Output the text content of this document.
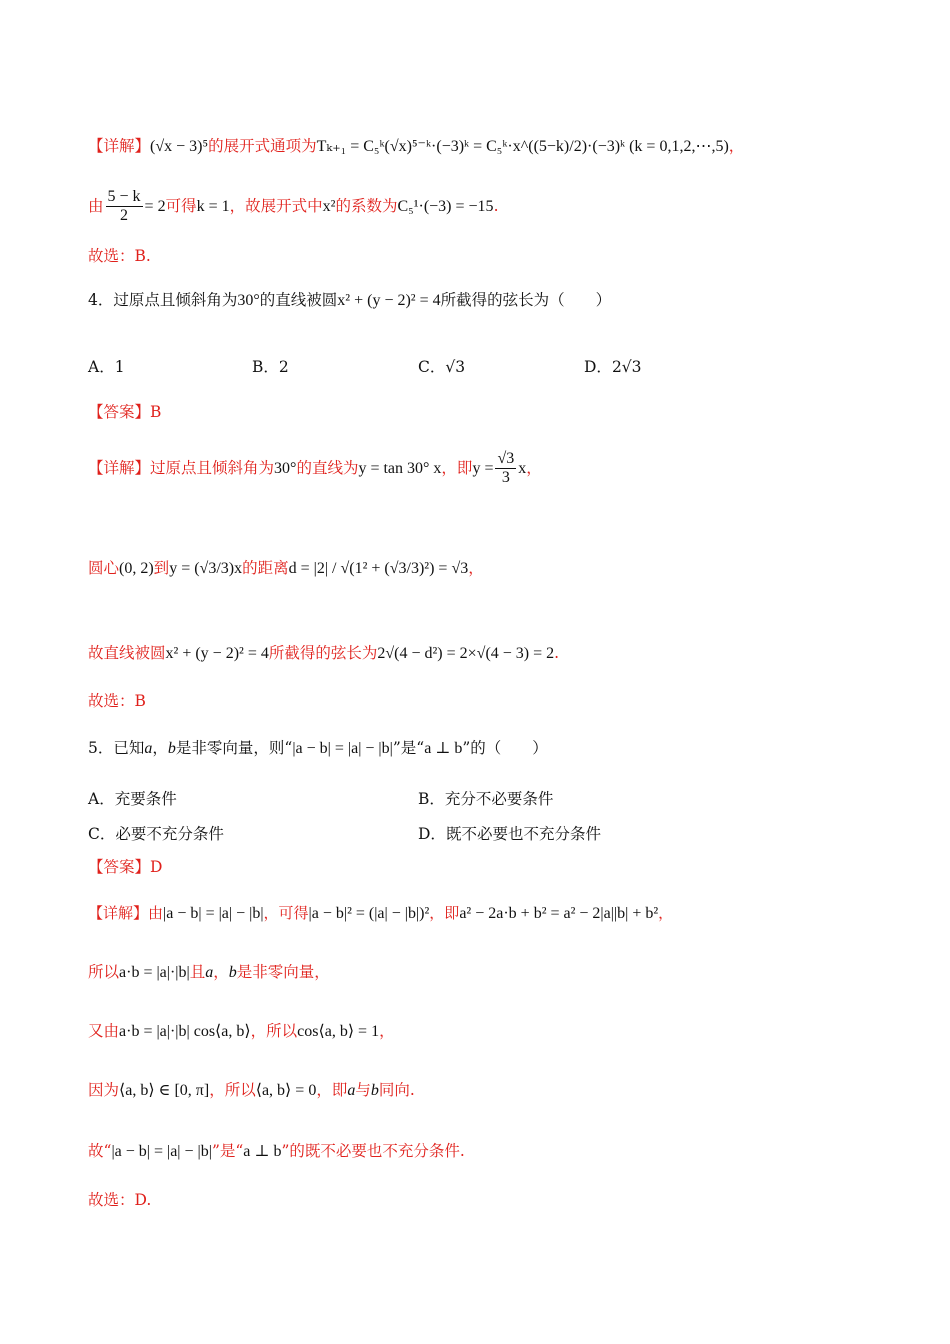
【详解】(√x − 3)⁵的展开式通项为Tₖ₊₁ = C₅ᵏ(√x)⁵⁻ᵏ·(−3)ᵏ = C₅ᵏ·x^((5−k)/2)·(−3)ᵏ (k = 0,1,2,⋯,5)，
由 $\frac{5 - k}{2} = 2$可得k = 1，故展开式中x²的系数为C₅¹·(−3) = −15.
故选：B.
4．过原点且倾斜角为30°的直线被圆x² + (y − 2)² = 4所截得的弦长为（　　）
A．1	B．2	C．√3	D．2√3
【答案】B
【详解】过原点且倾斜角为30°的直线为y = tan 30° x，即$y = \frac{√3}{3}$ x，
圆心(0, 2)到y = (√3/3)x的距离d = |2| / √(1² + (√3/3)²) = √3，
故直线被圆x² + (y − 2)² = 4所截得的弦长为2√(4 − d²) = 2×√(4 − 3) = 2.
故选：B
5．已知a，b是非零向量，则“|a − b| = |a| − |b|”是“a ⊥ b”的（　　）
A．充要条件	B．充分不必要条件
C．必要不充分条件	D．既不必要也不充分条件
【答案】D
【详解】由|a − b| = |a| − |b|，可得|a − b|² = (|a| − |b|)²，即a² − 2a·b + b² = a² − 2|a||b| + b²，
所以a·b = |a|·|b|且a，b是非零向量，
又由a·b = |a|·|b| cos⟨a, b⟩，所以cos⟨a, b⟩ = 1，
因为⟨a, b⟩ ∈ [0, π]，所以⟨a, b⟩ = 0，即a与b同向.
故“|a − b| = |a| − |b|”是“a ⊥ b”的既不必要也不充分条件.
故选：D.
